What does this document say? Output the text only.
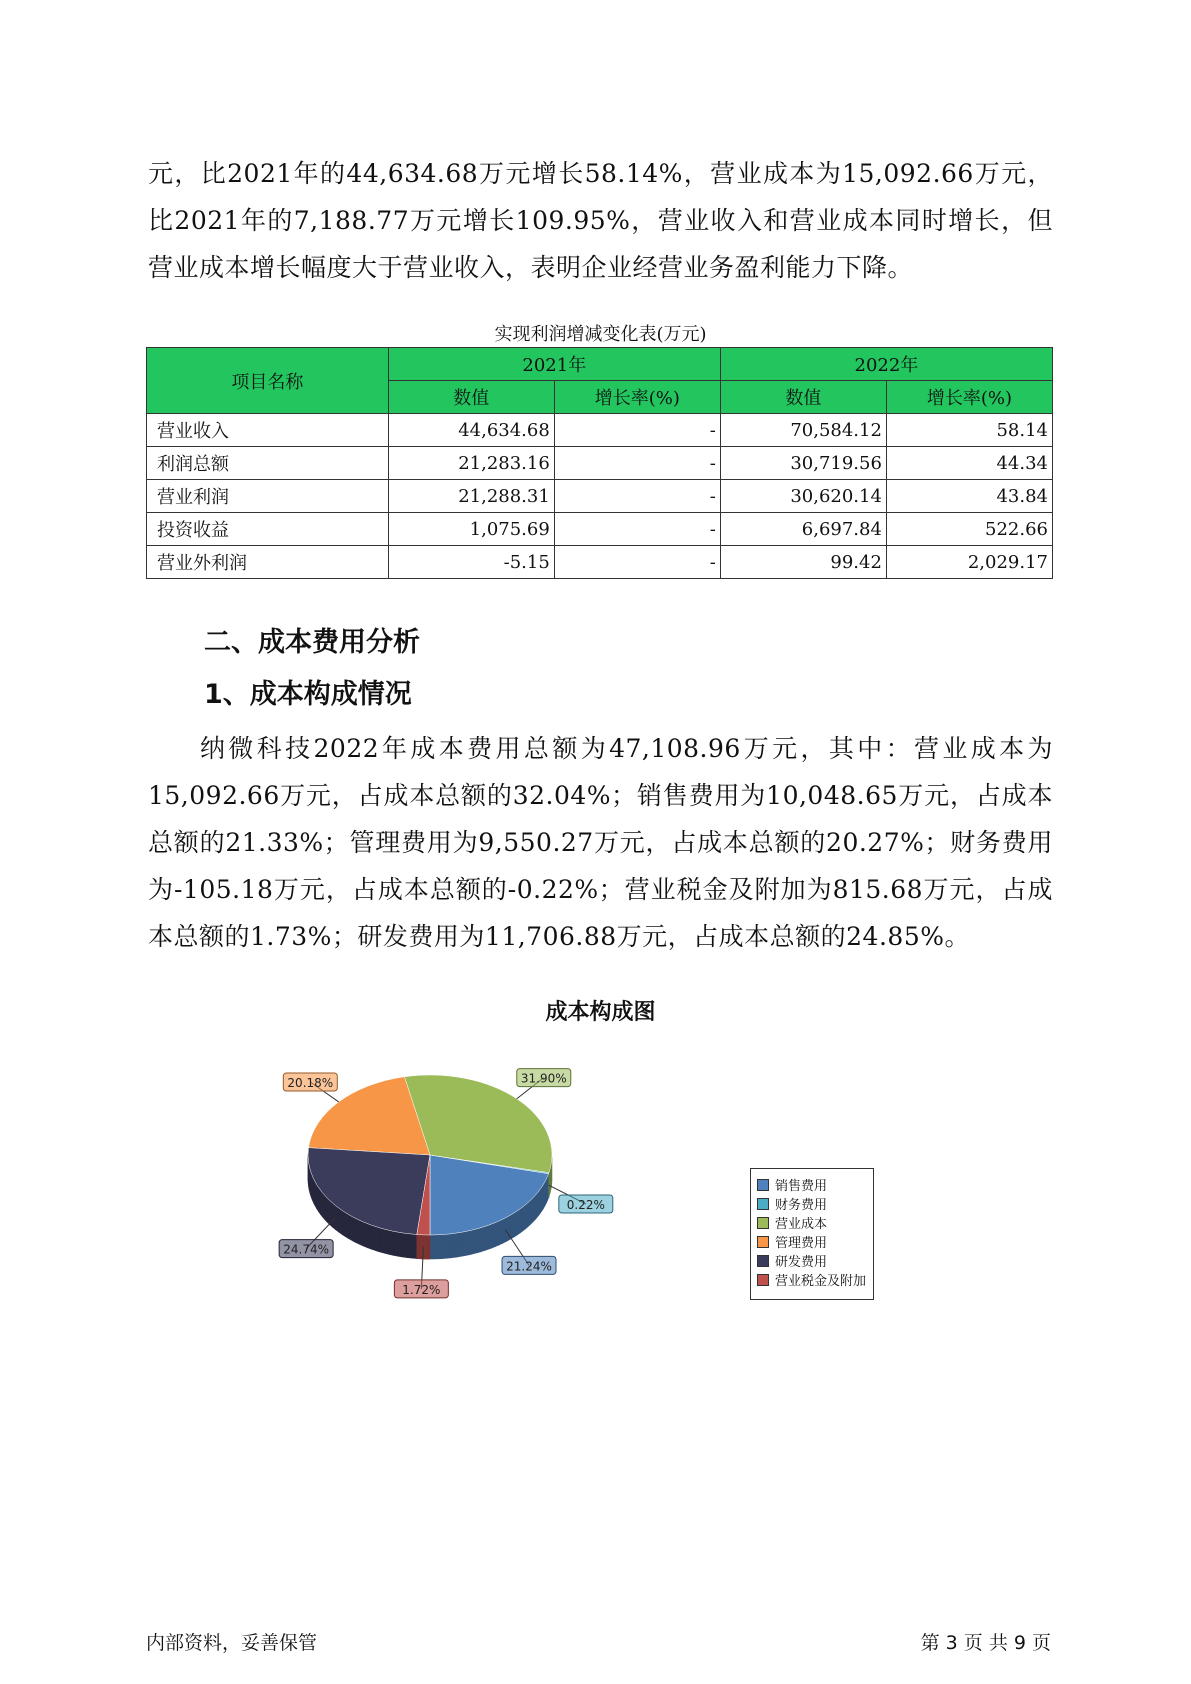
元，比2021年的44,634.68万元增长58.14%，营业成本为15,092.66万元，比2021年的7,188.77万元增长109.95%，营业收入和营业成本同时增长，但营业成本增长幅度大于营业收入，表明企业经营业务盈利能力下降。

实现利润增减变化表(万元)
项目名称	2021年		2022年	
	数值	增长率(%)	数值	增长率(%)
营业收入	44,634.68	-	70,584.12	58.14
利润总额	21,283.16	-	30,719.56	44.34
营业利润	21,288.31	-	30,620.14	43.84
投资收益	1,075.69	-	6,697.84	522.66
营业外利润	-5.15	-	99.42	2,029.17
二、成本费用分析
1、成本构成情况

纳微科技2022年成本费用总额为47,108.96万元，其中：营业成本为15,092.66万元，占成本总额的32.04%；销售费用为10,048.65万元，占成本总额的21.33%；管理费用为9,550.27万元，占成本总额的20.27%；财务费用为-105.18万元，占成本总额的-0.22%；营业税金及附加为815.68万元，占成本总额的1.73%；研发费用为11,706.88万元，占成本总额的24.85%。

成本构成图
21.24%
0.22%
31.90%
20.18%
24.74%
1.72%
销售费用
财务费用
营业成本
管理费用
研发费用
营业税金及附加
内部资料，妥善保管	第 3 页 共 9 页
